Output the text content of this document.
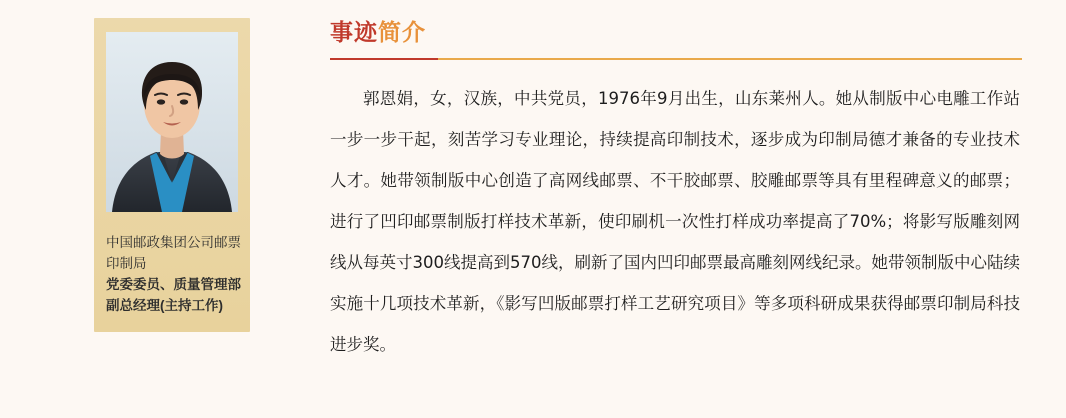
中国邮政集团公司邮票
印制局
党委委员、质量管理部
副总经理(主持工作)
事迹简介
郭恩娟，女，汉族，中共党员，1976年9月出生，山东莱州人。她从制版中心电雕工作站一步一步干起，刻苦学习专业理论，持续提高印制技术，逐步成为印制局德才兼备的专业技术人才。她带领制版中心创造了高网线邮票、不干胶邮票、胶雕邮票等具有里程碑意义的邮票；进行了凹印邮票制版打样技术革新，使印刷机一次性打样成功率提高了70%；将影写版雕刻网线从每英寸300线提高到570线，刷新了国内凹印邮票最高雕刻网线纪录。她带领制版中心陆续实施十几项技术革新，《影写凹版邮票打样工艺研究项目》等多项科研成果获得邮票印制局科技进步奖。
